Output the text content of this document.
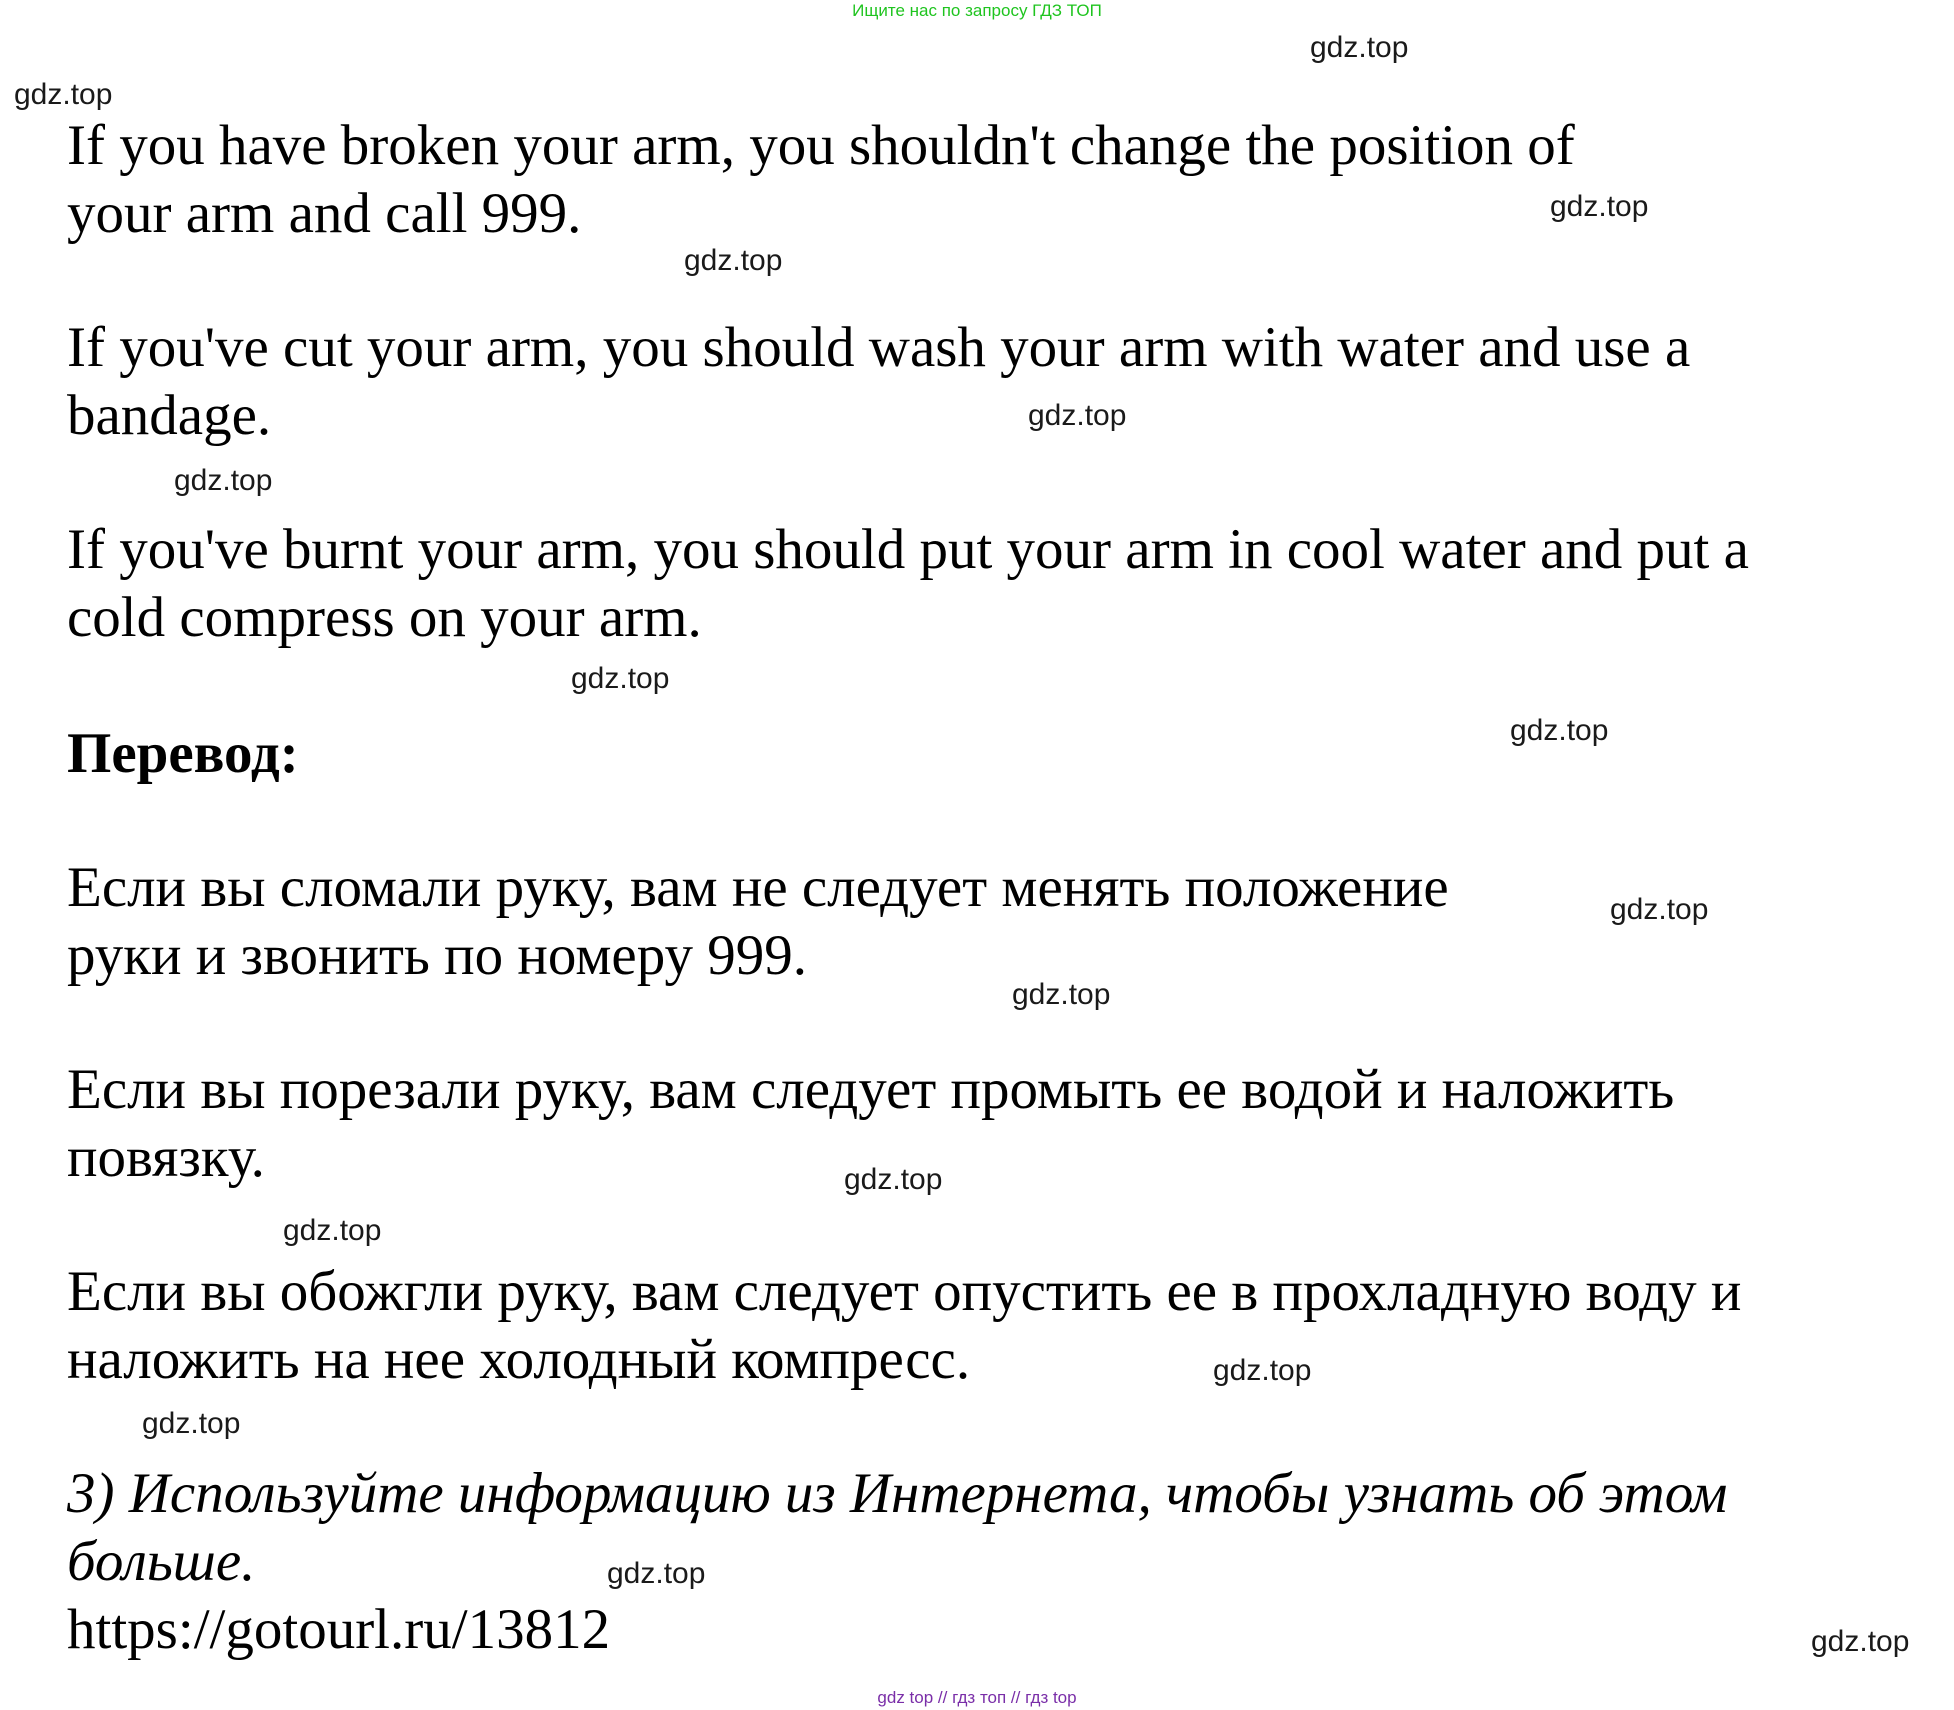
Ищите нас по запросу ГДЗ ТОП
gdz.top
gdz.top
gdz.top
gdz.top
gdz.top
gdz.top
gdz.top
gdz.top
gdz.top
gdz.top
gdz.top
gdz.top
gdz.top
gdz.top
gdz.top
gdz.top

If you have broken your arm, you shouldn't change the position of
your arm and call 999.

If you've cut your arm, you should wash your arm with water and use a
bandage.

If you've burnt your arm, you should put your arm in cool water and put a
cold compress on your arm.

Перевод:

Если вы сломали руку, вам не следует менять положение
руки и звонить по номеру 999.

Если вы порезали руку, вам следует промыть ее водой и наложить
повязку.

Если вы обожгли руку, вам следует опустить ее в прохладную воду и
наложить на нее холодный компресс.

3) Используйте информацию из Интернета, чтобы узнать об этом
больше.

https://gotourl.ru/13812

gdz top // гдз топ // гдз top
